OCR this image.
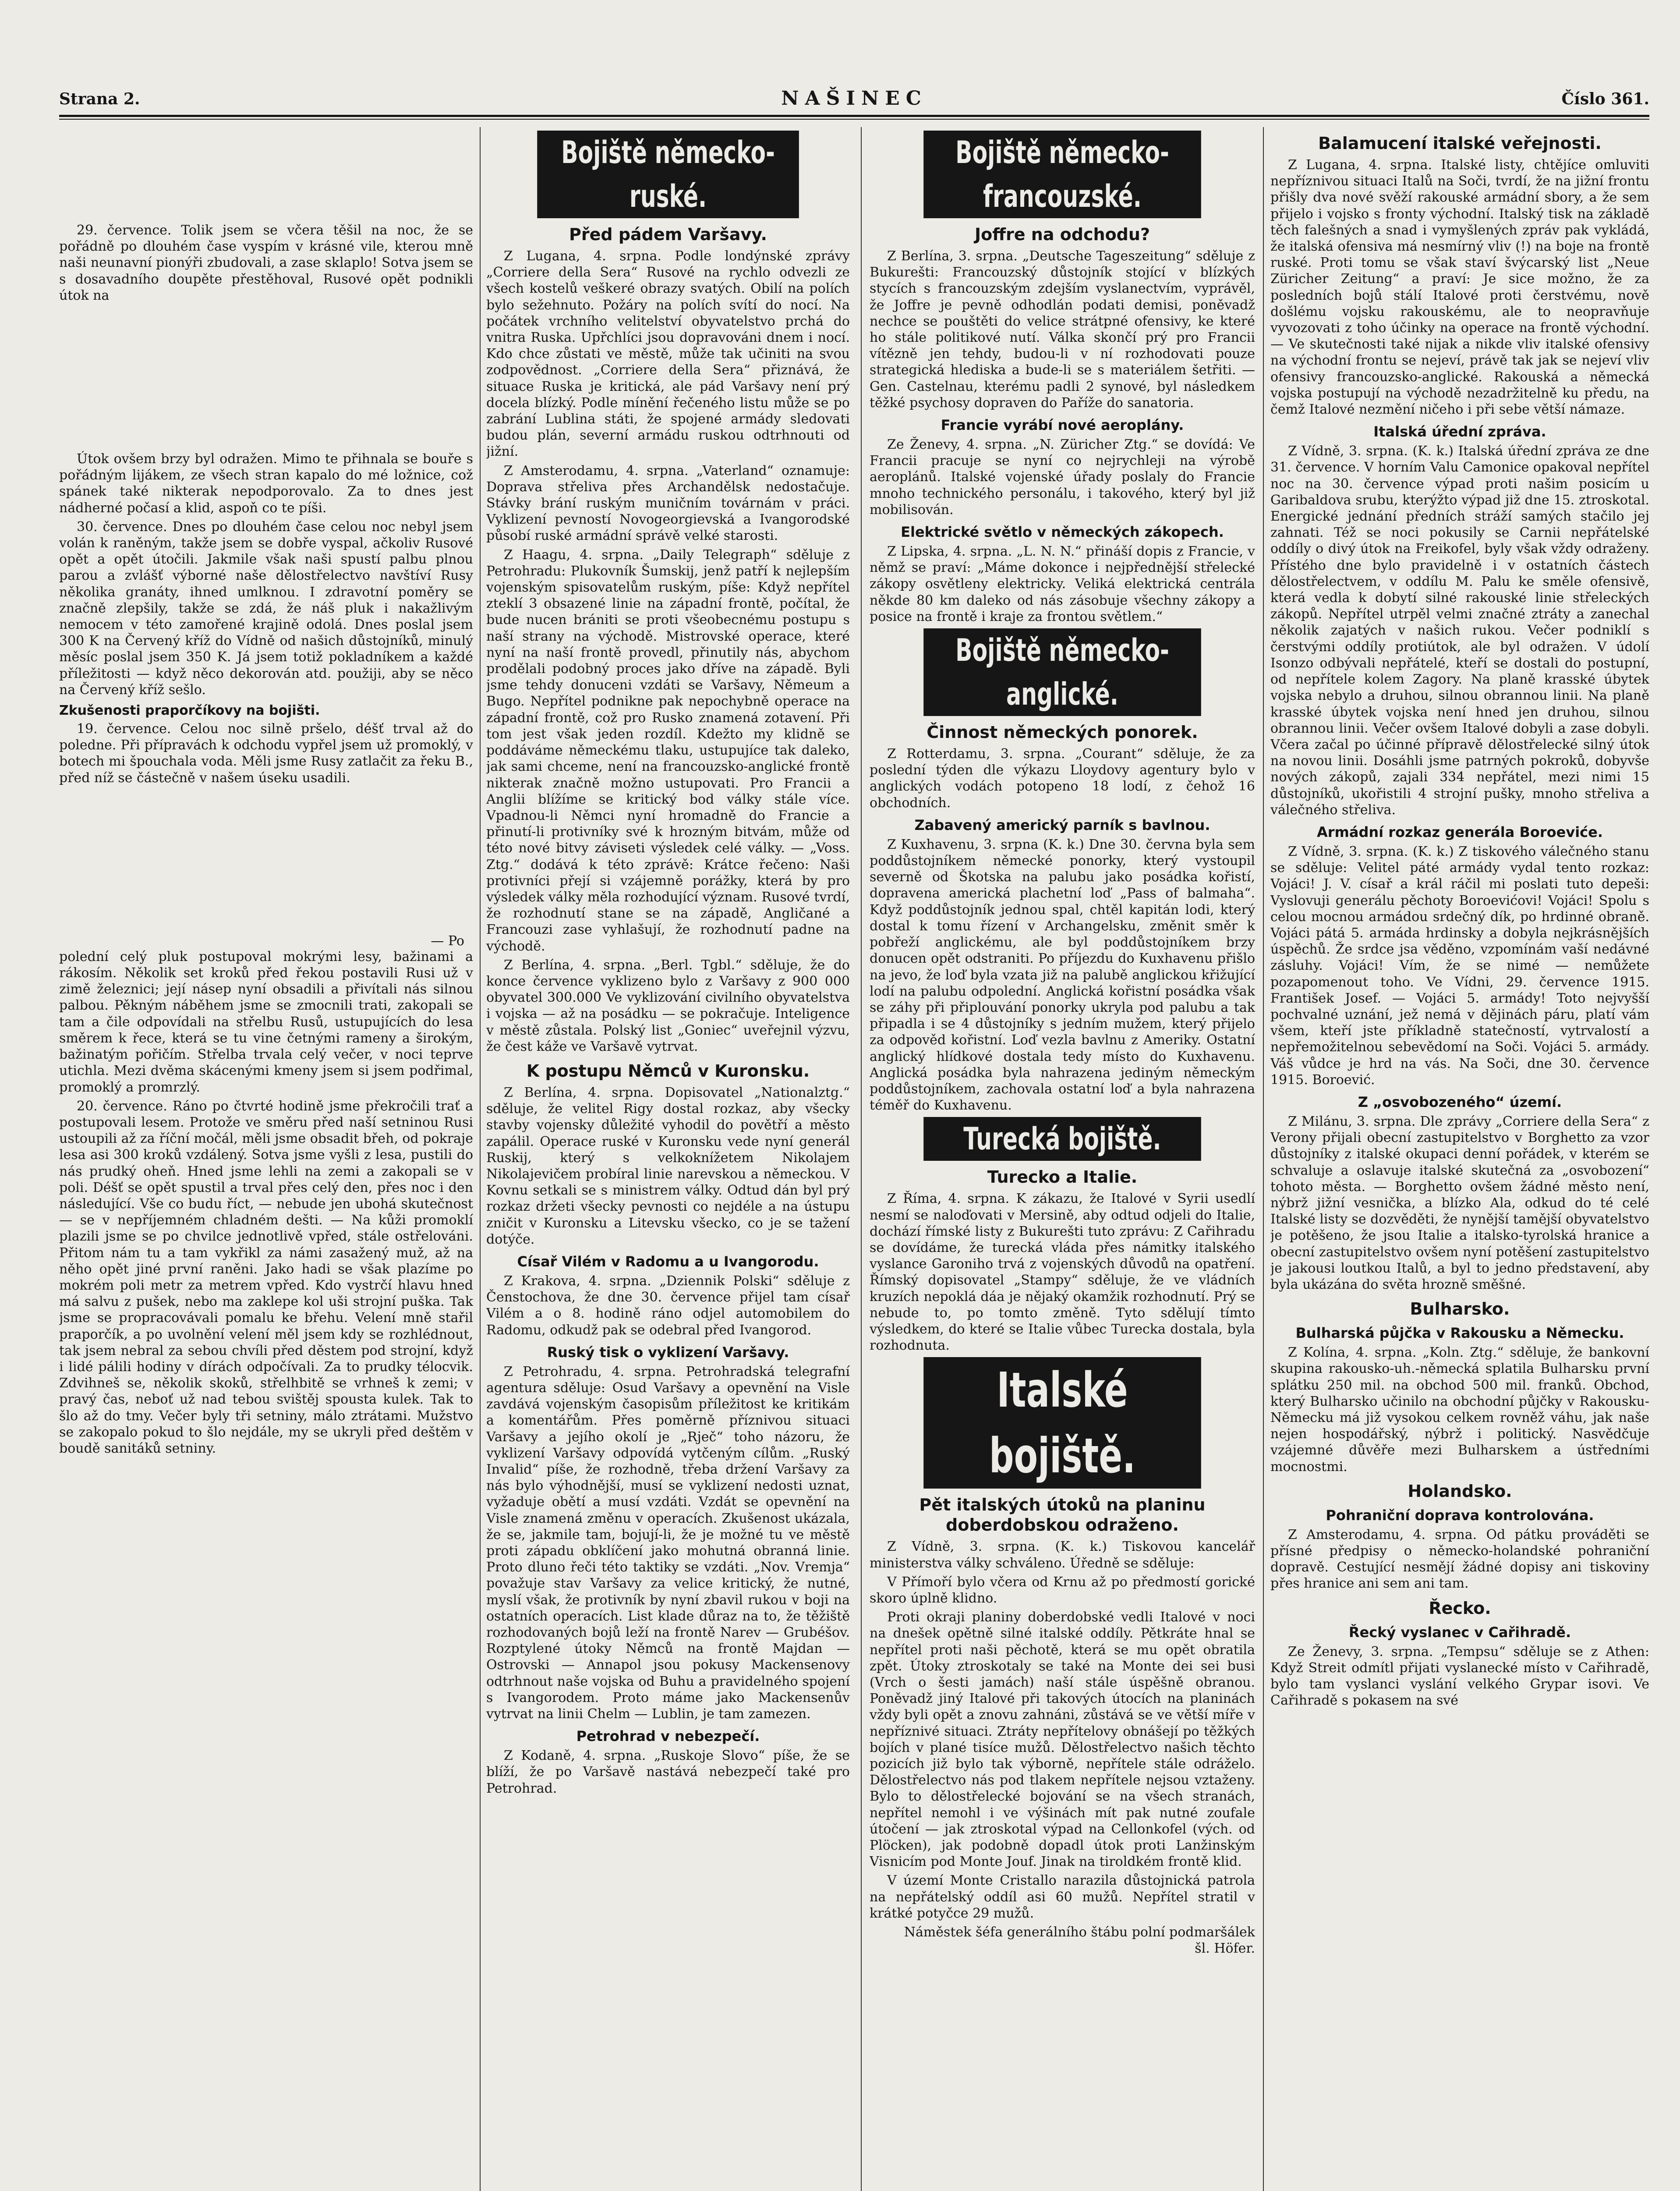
Strana 2.	NAŠINEC	Číslo 361.

29. července. Tolik jsem se včera těšil na noc, že se pořádně po dlouhém čase vyspím v krásné vile, kterou mně naši neunavní pionýři zbudovali, a zase sklaplo! Sotva jsem se s dosavadního doupěte přestěhoval, Rusové opět podnikli útok na

Útok ovšem brzy byl odražen. Mimo te přihnala se bouře s pořádným lijákem, ze všech stran kapalo do mé ložnice, což spánek také nikterak nepodporovalo. Za to dnes jest nádherné počasí a klid, aspoň co te píši.

30. července. Dnes po dlouhém čase celou noc nebyl jsem volán k raněným, takže jsem se dobře vyspal, ačkoliv Rusové opět a opět útočili. Jakmile však naši spustí palbu plnou parou a zvlášť výborné naše dělostřelectvo navštíví Rusy několika granáty, ihned umlknou. I zdravotní poměry se značně zlepšily, takže se zdá, že náš pluk i nakažlivým nemocem v této zamořené krajině odolá. Dnes poslal jsem 300 K na Červený kříž do Vídně od našich důstojníků, minulý měsíc poslal jsem 350 K. Já jsem totiž pokladníkem a každé příležitosti — když něco dekorován atd. použiji, aby se něco na Červený kříž sešlo.

Zkušenosti praporčíkovy na bojišti.

19. července. Celou noc silně pršelo, déšť trval až do poledne. Při přípravách k odchodu vypřel jsem už promoklý, v botech mi špouchala voda. Měli jsme Rusy zatlačit za řeku B., před níž se částečně v našem úseku usadili.

— Po

polední celý pluk postupoval mokrými lesy, bažinami a rákosím. Několik set kroků před řekou postavili Rusi už v zimě železnici; její násep nyní obsadili a přivítali nás silnou palbou. Pěkným náběhem jsme se zmocnili trati, zakopali se tam a čile odpovídali na střelbu Rusů, ustupujících do lesa směrem k řece, která se tu vine četnými rameny a širokým, bažinatým pořičím. Střelba trvala celý večer, v noci teprve utichla. Mezi dvěma skácenými kmeny jsem si jsem podřimal, promoklý a promrzlý.

20. července. Ráno po čtvrté hodině jsme překročili trať a postupovali lesem. Protože ve směru před naší setninou Rusi ustoupili až za říční močál, měli jsme obsadit břeh, od pokraje lesa asi 300 kroků vzdálený. Sotva jsme vyšli z lesa, pustili do nás prudký oheň. Hned jsme lehli na zemi a zakopali se v poli. Déšť se opět spustil a trval přes celý den, přes noc i den následující. Vše co budu říct, — nebude jen ubohá skutečnost — se v nepříjemném chladném dešti. — Na kůži promoklí plazili jsme se po chvilce jednotlivě vpřed, stále ostřelováni. Přitom nám tu a tam vykřikl za námi zasažený muž, až na něho opět jiné první raněni. Jako hadi se však plazíme po mokrém poli metr za metrem vpřed. Kdo vystrčí hlavu hned má salvu z pušek, nebo ma zaklepe kol uši strojní puška. Tak jsme se propracovávali pomalu ke břehu. Velení mně stařil praporčík, a po uvolnění velení měl jsem kdy se rozhlédnout, tak jsem nebral za sebou chvíli před děstem pod strojní, když i lidé pálili hodiny v dírách odpočívali. Za to prudky télocvik. Zdvihneš se, několik skoků, střelhbitě se vrhneš k zemi; v pravý čas, neboť už nad tebou svištěj spousta kulek. Tak to šlo až do tmy. Večer byly tři setniny, málo ztrátami. Mužstvo se zakopalo pokud to šlo nejdále, my se ukryli před deštěm v boudě sanitáků setniny.

Bojiště německo-ruské.
Před pádem Varšavy.

Z Lugana, 4. srpna. Podle londýnské zprávy „Corriere della Sera“ Rusové na rychlo odvezli ze všech kostelů veškeré obrazy svatých. Obilí na polích bylo sežehnuto. Požáry na polích svítí do nocí. Na počátek vrchního velitelství obyvatelstvo prchá do vnitra Ruska. Upřchlíci jsou dopravováni dnem i nocí. Kdo chce zůstati ve městě, může tak učiniti na svou zodpovědnost. „Corriere della Sera“ přiznává, že situace Ruska je kritická, ale pád Varšavy není prý docela blízký. Podle mínění řečeného listu může se po zabrání Lublina státi, že spojené armády sledovati budou plán, severní armádu ruskou odtrhnouti od jižní.

Z Amsterodamu, 4. srpna. „Vaterland“ oznamuje: Doprava střeliva přes Archandělsk nedostačuje. Stávky brání ruským muničním továrnám v práci. Vyklizení pevností Novogeorgievská a Ivangorodské působí ruské armádní správě velké starosti.

Z Haagu, 4. srpna. „Daily Telegraph“ sděluje z Petrohradu: Plukovník Šumskij, jenž patří k nejlepším vojenským spisovatelům ruským, píše: Když nepřítel zteklí 3 obsazené linie na západní frontě, počítal, že bude nucen brániti se proti všeobecnému postupu s naší strany na východě. Mistrovské operace, které nyní na naší frontě provedl, přinutily nás, abychom prodělali podobný proces jako dříve na západě. Byli jsme tehdy donuceni vzdáti se Varšavy, Němeum a Bugo. Nepřítel podnikne pak nepochybně operace na západní frontě, což pro Rusko znamená zotavení. Při tom jest však jeden rozdíl. Kdežto my klidně se poddáváme německému tlaku, ustupujíce tak daleko, jak sami chceme, není na francouzsko-anglické frontě nikterak značně možno ustupovati. Pro Francii a Anglii blížíme se kritický bod války stále více. Vpadnou-li Němci nyní hromadně do Francie a přinutí-li protivníky své k hrozným bitvám, může od této nové bitvy záviseti výsledek celé války. — „Voss. Ztg.“ dodává k této zprávě: Krátce řečeno: Naši protivníci přejí si vzájemně porážky, která by pro výsledek války měla rozhodující význam. Rusové tvrdí, že rozhodnutí stane se na západě, Angličané a Francouzi zase vyhlašují, že rozhodnutí padne na východě.

Z Berlína, 4. srpna. „Berl. Tgbl.“ sděluje, že do konce července vyklizeno bylo z Varšavy z 900 000 obyvatel 300.000 Ve vyklizování civilního obyvatelstva i vojska — až na posádku — se pokračuje. Inteligence v městě zůstala. Polský list „Goniec“ uveřejnil výzvu, že čest káže ve Varšavě vytrvat.

K postupu Němců v Kuronsku.

Z Berlína, 4. srpna. Dopisovatel „Nationalztg.“ sděluje, že velitel Rigy dostal rozkaz, aby všecky stavby vojensky důležité vyhodil do povětří a město zapálil. Operace ruské v Kuronsku vede nyní generál Ruskij, který s velkoknížetem Nikolajem Nikolajevičem probíral linie narevskou a německou. V Kovnu setkali se s ministrem války. Odtud dán byl prý rozkaz držeti všecky pevnosti co nejdéle a na ústupu zničit v Kuronsku a Litevsku všecko, co je se tažení dotýče.

Císař Vilém v Radomu a u Ivangorodu.

Z Krakova, 4. srpna. „Dziennik Polski“ sděluje z Čenstochova, že dne 30. července přijel tam císař Vilém a o 8. hodině ráno odjel automobilem do Radomu, odkudž pak se odebral před Ivangorod.

Ruský tisk o vyklizení Varšavy.

Z Petrohradu, 4. srpna. Petrohradská telegrafní agentura sděluje: Osud Varšavy a opevnění na Visle zavdává vojenským časopisům příležitost ke kritikám a komentářům. Přes poměrně příznivou situaci Varšavy a jejího okolí je „Rječ“ toho názoru, že vyklizení Varšavy odpovídá vytčeným cílům. „Ruský Invalid“ píše, že rozhodně, třeba držení Varšavy za nás bylo výhodnější, musí se vyklizení nedosti uznat, vyžaduje obětí a musí vzdáti. Vzdát se opevnění na Visle znamená změnu v operacích. Zkušenost ukázala, že se, jakmile tam, bojují-li, že je možné tu ve městě proti západu obklíčení jako mohutná obranná linie. Proto dluno řeči této taktiky se vzdáti. „Nov. Vremja“ považuje stav Varšavy za velice kritický, že nutné, myslí však, že protivník by nyní zbavil rukou v boji na ostatních operacích. List klade důraz na to, že těžiště rozhodovaných bojů leží na frontě Narev — Grubéšov. Rozptylené útoky Němců na frontě Majdan — Ostrovski — Annapol jsou pokusy Mackensenovy odtrhnout naše vojska od Buhu a pravidelného spojení s Ivangorodem. Proto máme jako Mackensenův vytrvat na linii Chelm — Lublin, je tam zamezen.

Petrohrad v nebezpečí.

Z Kodaně, 4. srpna. „Ruskoje Slovo“ píše, že se blíží, že po Varšavě nastává nebezpečí také pro Petrohrad.

Bojiště německo-francouzské.
Joffre na odchodu?

Z Berlína, 3. srpna. „Deutsche Tageszeitung“ sděluje z Bukurešti: Francouzský důstojník stojící v blízkých stycích s francouzským zdejším vyslanectvím, vyprávěl, že Joffre je pevně odhodlán podati demisi, poněvadž nechce se pouštěti do velice strátpné ofensivy, ke které ho stále politikové nutí. Válka skončí prý pro Francii vítězně jen tehdy, budou-li v ní rozhodovati pouze strategická hlediska a bude-li se s materiálem šetřiti. — Gen. Castelnau, kterému padli 2 synové, byl následkem těžké psychosy dopraven do Paříže do sanatoria.

Francie vyrábí nové aeroplány.

Ze Ženevy, 4. srpna. „N. Züricher Ztg.“ se dovídá: Ve Francii pracuje se nyní co nejrychleji na výrobě aeroplánů. Italské vojenské úřady poslaly do Francie mnoho technického personálu, i takového, který byl již mobilisován.

Elektrické světlo v německých zákopech.

Z Lipska, 4. srpna. „L. N. N.“ přináší dopis z Francie, v němž se praví: „Máme dokonce i nejpřednější střelecké zákopy osvětleny elektricky. Veliká elektrická centrála někde 80 km daleko od nás zásobuje všechny zákopy a posice na frontě i kraje za frontou světlem.“

Bojiště německo-anglické.
Činnost německých ponorek.

Z Rotterdamu, 3. srpna. „Courant“ sděluje, že za poslední týden dle výkazu Lloydovy agentury bylo v anglických vodách potopeno 18 lodí, z čehož 16 obchodních.

Zabavený americký parník s bavlnou.

Z Kuxhavenu, 3. srpna (K. k.) Dne 30. června byla sem poddůstojníkem německé ponorky, který vystoupil severně od Škotska na palubu jako posádka kořistí, dopravena americká plachetní loď „Pass of balmaha“. Když poddůstojník jednou spal, chtěl kapitán lodi, který dostal k tomu řízení v Archangelsku, změnit směr k pobřeží anglickému, ale byl poddůstojníkem brzy donucen opět odstraniti. Po příjezdu do Kuxhavenu přišlo na jevo, že loď byla vzata již na palubě anglickou křižující lodí na palubu odpolední. Anglická kořistní posádka však se záhy při připlouvání ponorky ukryla pod palubu a tak připadla i se 4 důstojníky s jedním mužem, který přijelo za odpověd kořistní. Loď vezla bavlnu z Ameriky. Ostatní anglický hlídkové dostala tedy místo do Kuxhavenu. Anglická posádka byla nahrazena jediným německým poddůstojníkem, zachovala ostatní loď a byla nahrazena téměř do Kuxhavenu.

Turecká bojiště.
Turecko a Italie.

Z Říma, 4. srpna. K zákazu, že Italové v Syrii usedlí nesmí se naloďovati v Mersině, aby odtud odjeli do Italie, dochází římské listy z Bukurešti tuto zprávu: Z Cařihradu se dovídáme, že turecká vláda přes námitky italského vyslance Garoniho trvá z vojenských důvodů na opatření. Římský dopisovatel „Stampy“ sděluje, že ve vládních kruzích nepoklá dáa je nějaký okamžik rozhodnutí. Prý se nebude to, po tomto změně. Tyto sdělují tímto výsledkem, do které se Italie vůbec Turecka dostala, byla rozhodnuta.

Italské bojiště.
Pět italských útoků na planinu doberdobskou odraženo.

Z Vídně, 3. srpna. (K. k.) Tiskovou kancelář ministerstva války schváleno. Úředně se sděluje:

V Přímoří bylo včera od Krnu až po předmostí gorické skoro úplně klidno.

Proti okraji planiny doberdobské vedli Italové v noci na dnešek opětně silné italské oddíly. Pětkráte hnal se nepřítel proti naši pěchotě, která se mu opět obratila zpět. Útoky ztroskotaly se také na Monte dei sei busi (Vrch o šesti jamách) naší stále úspěšně obranou. Poněvadž jiný Italové při takových útocích na planinách vždy byli opět a znovu zahnáni, zůstává se ve větší míře v nepříznivé situaci. Ztráty nepřítelovy obnášejí po těžkých bojích v plané tisíce mužů. Dělostřelectvo našich těchto pozicích již bylo tak výborně, nepřítele stále odráželo. Dělostřelectvo nás pod tlakem nepřítele nejsou vztaženy. Bylo to dělostřelecké bojování se na všech stranách, nepřítel nemohl i ve výšinách mít pak nutné zoufale útočení — jak ztroskotal výpad na Cellonkofel (vých. od Plöcken), jak podobně dopadl útok proti Lanžinským Visnicím pod Monte Jouf. Jinak na tiroldkém frontě klid.

V území Monte Cristallo narazila důstojnická patrola na nepřátelský oddíl asi 60 mužů. Nepřítel stratil v krátké potyčce 29 mužů.

Náměstek šéfa generálního štábu polní podmaršálek šl. Höfer.

Balamucení italské veřejnosti.

Z Lugana, 4. srpna. Italské listy, chtějíce omluviti nepříznivou situaci Italů na Soči, tvrdí, že na jižní frontu přišly dva nové svěží rakouské armádní sbory, a že sem přijelo i vojsko s fronty východní. Italský tisk na základě těch falešných a snad i vymyšlených zpráv pak vykládá, že italská ofensiva má nesmírný vliv (!) na boje na frontě ruské. Proti tomu se však staví švýcarský list „Neue Züricher Zeitung“ a praví: Je sice možno, že za posledních bojů stálí Italové proti čerstvému, nově došlému vojsku rakouskému, ale to neopravňuje vyvozovati z toho účinky na operace na frontě východní. — Ve skutečnosti také nijak a nikde vliv italské ofensivy na východní frontu se nejeví, právě tak jak se nejeví vliv ofensivy francouzsko-anglické. Rakouská a německá vojska postupují na východě nezadržitelně ku předu, na čemž Italové nezmění ničeho i při sebe větší námaze.

Italská úřední zpráva.

Z Vídně, 3. srpna. (K. k.) Italská úřední zpráva ze dne 31. července. V horním Valu Camonice opakoval nepřítel noc na 30. července výpad proti našim posicím u Garibaldova srubu, kterýžto výpad již dne 15. ztroskotal. Energické jednání předních stráží samých stačilo jej zahnati. Též se noci pokusily se Carnii nepřátelské oddíly o divý útok na Freikofel, byly však vždy odraženy. Přístého dne bylo pravidelně i v ostatních částech dělostřelectvem, v oddílu M. Palu ke směle ofensivě, která vedla k dobytí silné rakouské linie střeleckých zákopů. Nepřítel utrpěl velmi značné ztráty a zanechal několik zajatých v našich rukou. Večer podniklí s čerstvými oddíly protiútok, ale byl odražen. V údolí Isonzo odbývali nepřátelé, kteří se dostali do postupní, od nepřítele kolem Zagory. Na planě krasské úbytek vojska nebylo a druhou, silnou obrannou linii. Na planě krasské úbytek vojska není hned jen druhou, silnou obrannou linii. Večer ovšem Italové dobyli a zase dobyli. Včera začal po účinné přípravě dělostřelecké silný útok na novou linii. Dosáhli jsme patrných pokroků, dobyvše nových zákopů, zajali 334 nepřátel, mezi nimi 15 důstojníků, ukořistili 4 strojní pušky, mnoho střeliva a válečného střeliva.

Armádní rozkaz generála Boroeviće.

Z Vídně, 3. srpna. (K. k.) Z tiskového válečného stanu se sděluje: Velitel páté armády vydal tento rozkaz: Vojáci! J. V. císař a král ráčil mi poslati tuto depeši: Vyslovuji generálu pěchoty Boroevićovi! Vojáci! Spolu s celou mocnou armádou srdečný dík, po hrdinné obraně. Vojáci pátá 5. armáda hrdinsky a dobyla nejkrásnějších úspěchů. Že srdce jsa věděno, vzpomínám vaší nedávné zásluhy. Vojáci! Vím, že se nimé — nemůžete pozapomenout toho. Ve Vídni, 29. července 1915. František Josef. — Vojáci 5. armády! Toto nejvyšší pochvalné uznání, jež nemá v dějinách páru, platí vám všem, kteří jste příkladně statečností, vytrvalostí a nepřemožitelnou sebevědomí na Soči. Vojáci 5. armády. Váš vůdce je hrd na vás. Na Soči, dne 30. července 1915. Boroević.

Z „osvobozeného“ území.

Z Milánu, 3. srpna. Dle zprávy „Corriere della Sera“ z Verony přijali obecní zastupitelstvo v Borghetto za vzor důstojníky z italské okupaci denní pořádek, v kterém se schvaluje a oslavuje italské skutečná za „osvobození“ tohoto města. — Borghetto ovšem žádné město není, nýbrž jižní vesnička, a blízko Ala, odkud do té celé Italské listy se dozvěděti, že nynější tamější obyvatelstvo je potěšeno, že jsou Italie a italsko-tyrolská hranice a obecní zastupitelstvo ovšem nyní potěšení zastupitelstvo je jakousi loutkou Italů, a byl to jedno představení, aby byla ukázána do světa hrozně směšné.

Bulharsko.
Bulharská půjčka v Rakousku a Německu.

Z Kolína, 4. srpna. „Koln. Ztg.“ sděluje, že bankovní skupina rakousko-uh.-německá splatila Bulharsku první splátku 250 mil. na obchod 500 mil. franků. Obchod, který Bulharsko učinilo na obchodní půjčky v Rakousku-Německu má již vysokou celkem rovněž váhu, jak naše nejen hospodářský, nýbrž i politický. Nasvědčuje vzájemné důvěře mezi Bulharskem a ústředními mocnostmi.

Holandsko.
Pohraniční doprava kontrolována.

Z Amsterodamu, 4. srpna. Od pátku prováděti se přísné předpisy o německo-holandské pohraniční dopravě. Cestující nesmějí žádné dopisy ani tiskoviny přes hranice ani sem ani tam.

Řecko.
Řecký vyslanec v Cařihradě.

Ze Ženevy, 3. srpna. „Tempsu“ sděluje se z Athen: Když Streit odmítl přijati vyslanecké místo v Cařihradě, bylo tam vyslanci vyslání velkého Grypar isovi. Ve Cařihradě s pokasem na své
